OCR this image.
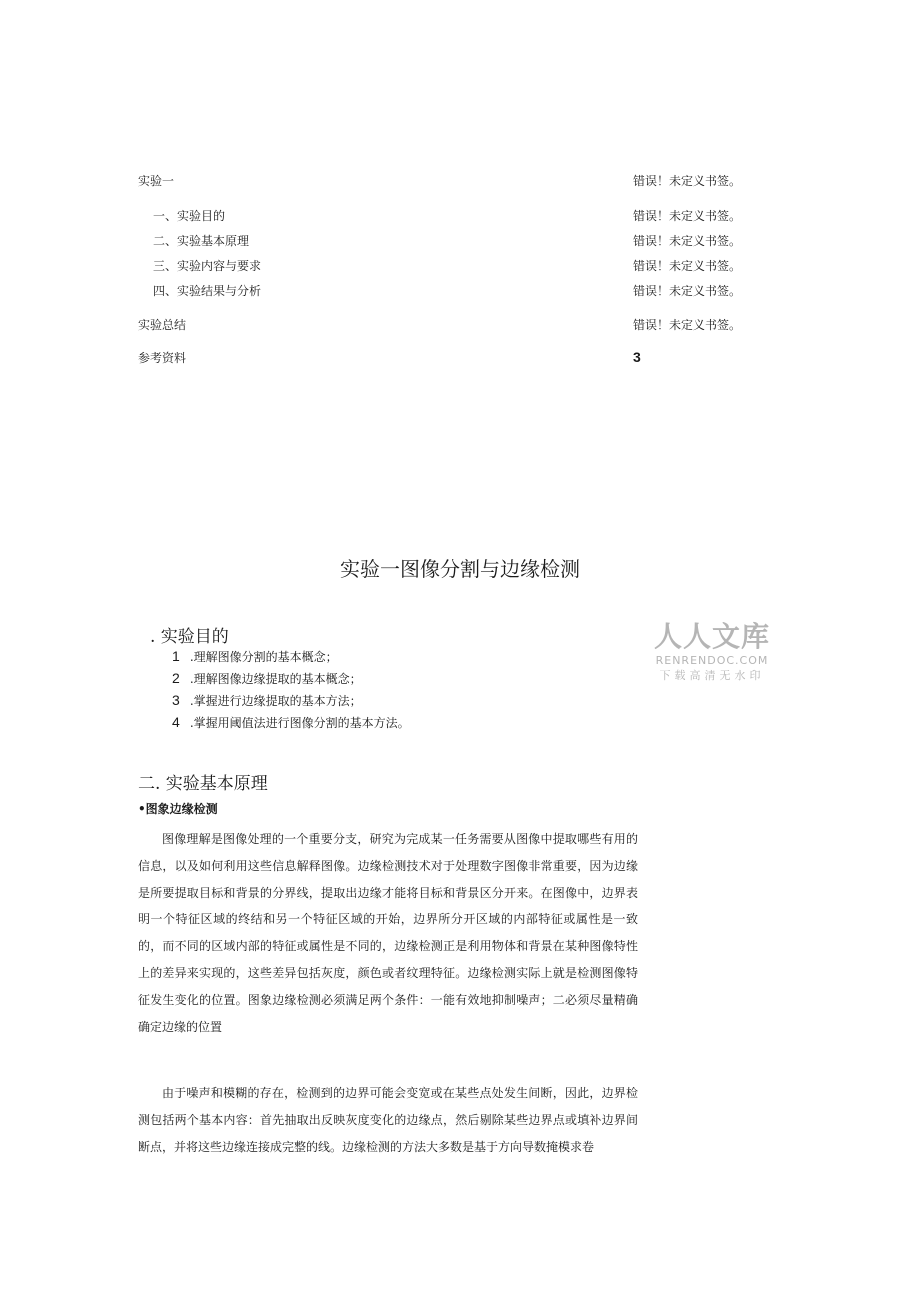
实验一	错误！未定义书签。
一、实验目的	错误！未定义书签。
二、实验基本原理	错误！未定义书签。
三、实验内容与要求	错误！未定义书签。
四、实验结果与分析	错误！未定义书签。
实验总结	错误！未定义书签。
参考资料	3
实验一图像分割与边缘检测
. 实验目的
1 .理解图像分割的基本概念；
2 .理解图像边缘提取的基本概念；
3 .掌握进行边缘提取的基本方法；
4 .掌握用阈值法进行图像分割的基本方法。
人人文库
RENRENDOC.COM
下载高清无水印
二. 实验基本原理
•图象边缘检测

图像理解是图像处理的一个重要分支，研究为完成某一任务需要从图像中提取哪些有用的信息，以及如何利用这些信息解释图像。边缘检测技术对于处理数字图像非常重要，因为边缘是所要提取目标和背景的分界线，提取出边缘才能将目标和背景区分开来。在图像中，边界表明一个特征区域的终结和另一个特征区域的开始，边界所分开区域的内部特征或属性是一致的，而不同的区域内部的特征或属性是不同的，边缘检测正是利用物体和背景在某种图像特性上的差异来实现的，这些差异包括灰度，颜色或者纹理特征。边缘检测实际上就是检测图像特征发生变化的位置。图象边缘检测必须满足两个条件：一能有效地抑制噪声；二必须尽量精确确定边缘的位置

由于噪声和模糊的存在，检测到的边界可能会变宽或在某些点处发生间断，因此，边界检测包括两个基本内容：首先抽取出反映灰度变化的边缘点，然后剔除某些边界点或填补边界间断点，并将这些边缘连接成完整的线。边缘检测的方法大多数是基于方向导数掩模求卷
